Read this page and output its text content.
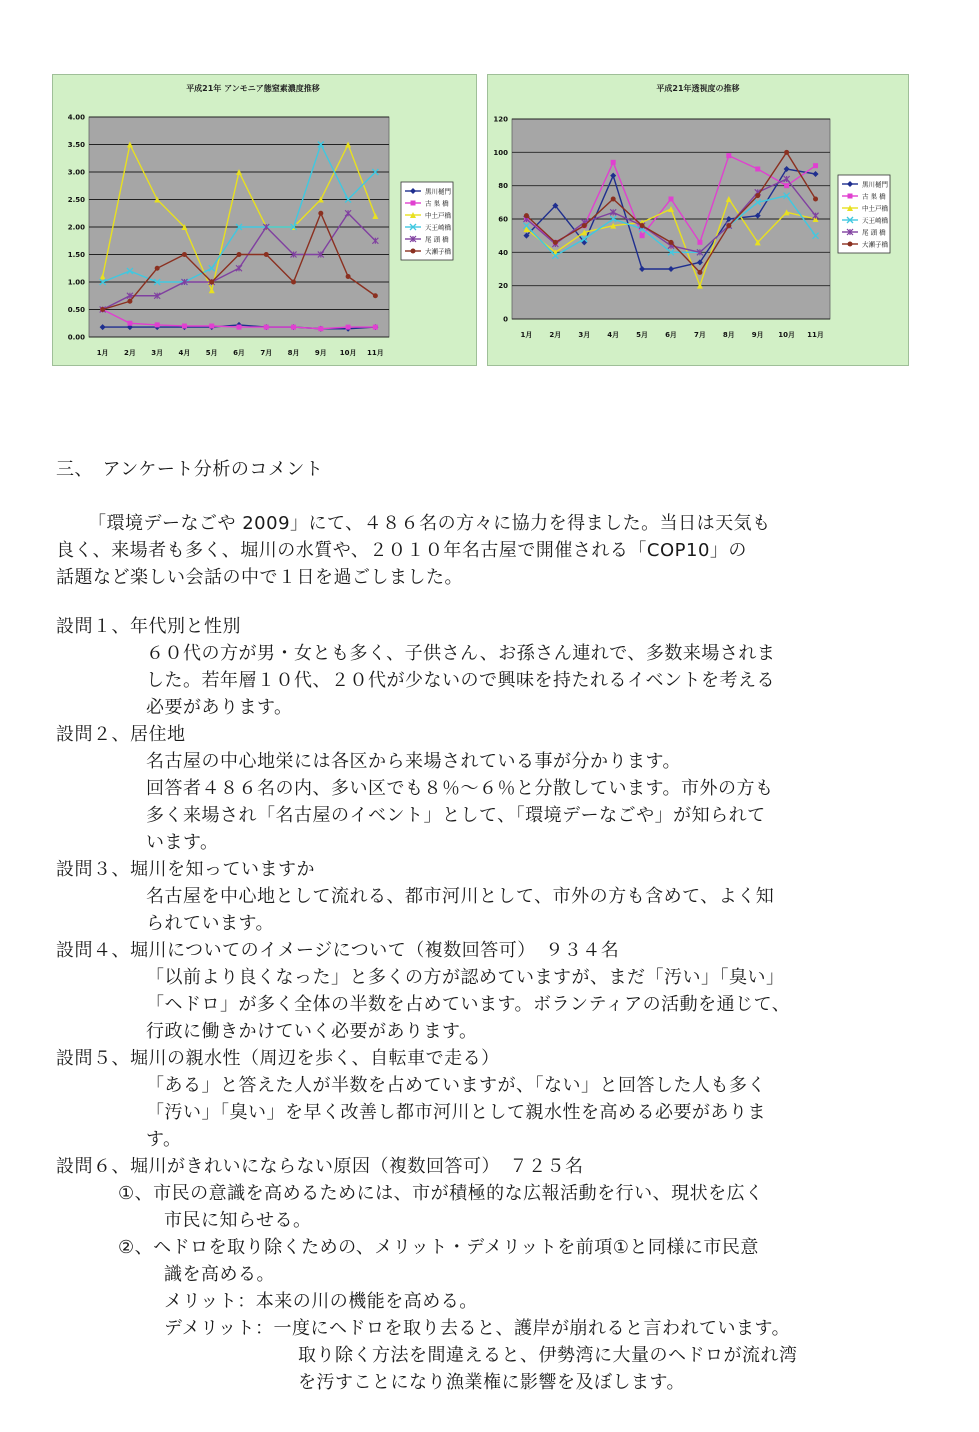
平成21年 アンモニア態窒素濃度推移
0.00
0.50
1.00
1.50
2.00
2.50
3.00
3.50
4.00
1月 2月 3月 4月 5月 6月 7月 8月 9月 10月 11月
黒川樋門
古 巣 橋
中土戸橋
天王崎橋
尾 頭 橋
大瀬子橋
平成21年透視度の推移
0
20
40
60
80
100
120
1月 2月 3月 4月 5月 6月 7月 8月 9月 10月 11月
黒川樋門
古 巣 橋
中土戸橋
天王崎橋
尾 頭 橋
大瀬子橋
三、　アンケート分析のコメント
「環境デーなごや 2009」にて、４８６名の方々に協力を得ました。当日は天気も
良く、来場者も多く、堀川の水質や、２０１０年名古屋で開催される「COP10」の
話題など楽しい会話の中で１日を過ごしました。
設問１、年代別と性別
６０代の方が男・女とも多く、子供さん、お孫さん連れで、多数来場されま
した。若年層１０代、２０代が少ないので興味を持たれるイベントを考える
必要があります。
設問２、居住地
名古屋の中心地栄には各区から来場されている事が分かります。
回答者４８６名の内、多い区でも８％～６％と分散しています。市外の方も
多く来場され「名古屋のイベント」として、「環境デーなごや」が知られて
います。
設問３、堀川を知っていますか
名古屋を中心地として流れる、都市河川として、市外の方も含めて、よく知
られています。
設問４、堀川についてのイメージについて（複数回答可）　９３４名
「以前より良くなった」と多くの方が認めていますが、まだ「汚い」「臭い」
「ヘドロ」が多く全体の半数を占めています。ボランティアの活動を通じて、
行政に働きかけていく必要があります。
設問５、堀川の親水性（周辺を歩く、自転車で走る）
「ある」と答えた人が半数を占めていますが、「ない」と回答した人も多く
「汚い」「臭い」を早く改善し都市河川として親水性を高める必要がありま
す。
設問６、堀川がきれいにならない原因（複数回答可）　７２５名
①、市民の意識を高めるためには、市が積極的な広報活動を行い、現状を広く
市民に知らせる。
②、ヘドロを取り除くための、メリット・デメリットを前項①と同様に市民意
識を高める。
メリット：本来の川の機能を高める。
デメリット：一度にヘドロを取り去ると、護岸が崩れると言われています。
取り除く方法を間違えると、伊勢湾に大量のヘドロが流れ湾
を汚すことになり漁業権に影響を及ぼします。
